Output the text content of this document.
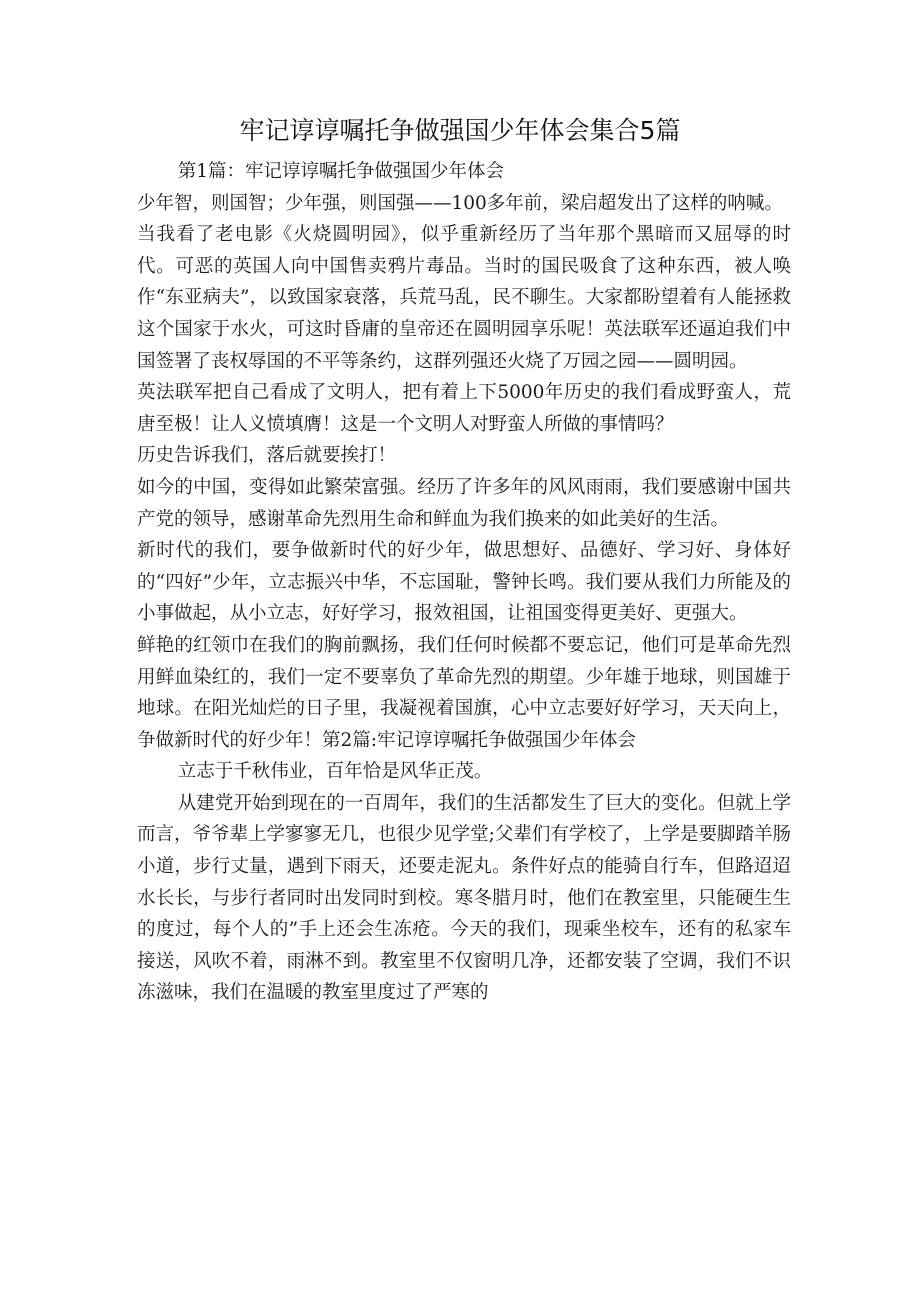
牢记谆谆嘱托争做强国少年体会集合5篇

第1篇：牢记谆谆嘱托争做强国少年体会

少年智，则国智；少年强，则国强——100多年前，梁启超发出了这样的呐喊。

当我看了老电影《火烧圆明园》，似乎重新经历了当年那个黑暗而又屈辱的时代。可恶的英国人向中国售卖鸦片毒品。当时的国民吸食了这种东西，被人唤作“东亚病夫”，以致国家衰落，兵荒马乱，民不聊生。大家都盼望着有人能拯救这个国家于水火，可这时昏庸的皇帝还在圆明园享乐呢！英法联军还逼迫我们中国签署了丧权辱国的不平等条约，这群列强还火烧了万园之园——圆明园。

英法联军把自己看成了文明人，把有着上下5000年历史的我们看成野蛮人，荒唐至极！让人义愤填膺！这是一个文明人对野蛮人所做的事情吗？

历史告诉我们，落后就要挨打！

如今的中国，变得如此繁荣富强。经历了许多年的风风雨雨，我们要感谢中国共产党的领导，感谢革命先烈用生命和鲜血为我们换来的如此美好的生活。

新时代的我们，要争做新时代的好少年，做思想好、品德好、学习好、身体好的“四好”少年，立志振兴中华，不忘国耻，警钟长鸣。我们要从我们力所能及的小事做起，从小立志，好好学习，报效祖国，让祖国变得更美好、更强大。

鲜艳的红领巾在我们的胸前飘扬，我们任何时候都不要忘记，他们可是革命先烈用鲜血染红的，我们一定不要辜负了革命先烈的期望。少年雄于地球，则国雄于地球。在阳光灿烂的日子里，我凝视着国旗，心中立志要好好学习，天天向上，争做新时代的好少年！第2篇:牢记谆谆嘱托争做强国少年体会

立志于千秋伟业，百年恰是风华正茂。

从建党开始到现在的一百周年，我们的生活都发生了巨大的变化。但就上学而言，爷爷辈上学寥寥无几，也很少见学堂;父辈们有学校了，上学是要脚踏羊肠小道，步行丈量，遇到下雨天，还要走泥丸。条件好点的能骑自行车，但路迢迢水长长，与步行者同时出发同时到校。寒冬腊月时，他们在教室里，只能硬生生的度过，每个人的”手上还会生冻疮。今天的我们，现乘坐校车，还有的私家车接送，风吹不着，雨淋不到。教室里不仅窗明几净，还都安装了空调，我们不识冻滋味，我们在温暖的教室里度过了严寒的
